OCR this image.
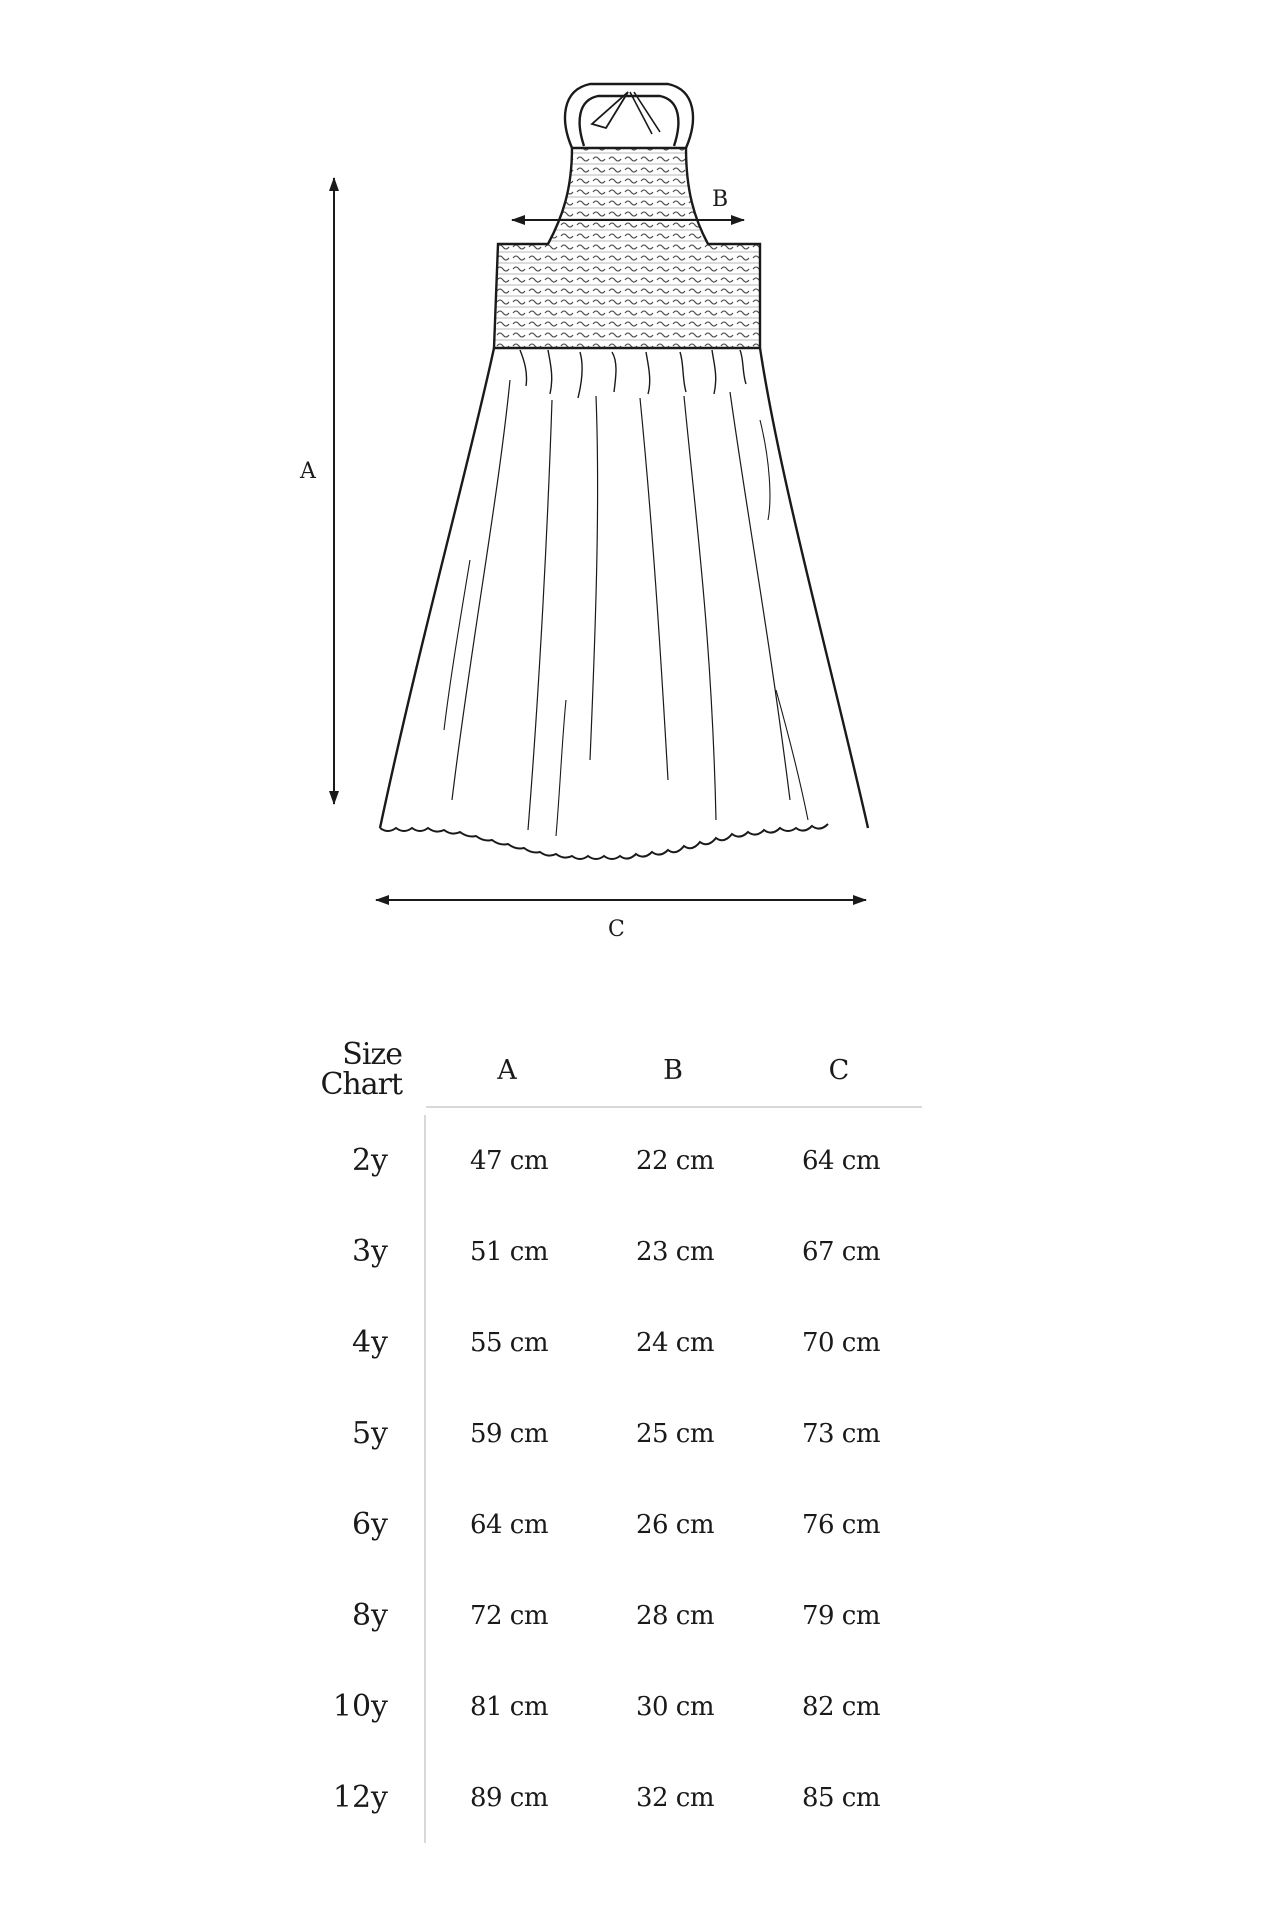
A
B
C
Size
Chart	A	B	C
2y	47 cm	22 cm	64 cm
3y	51 cm	23 cm	67 cm
4y	55 cm	24 cm	70 cm
5y	59 cm	25 cm	73 cm
6y	64 cm	26 cm	76 cm
8y	72 cm	28 cm	79 cm
10y	81 cm	30 cm	82 cm
12y	89 cm	32 cm	85 cm
